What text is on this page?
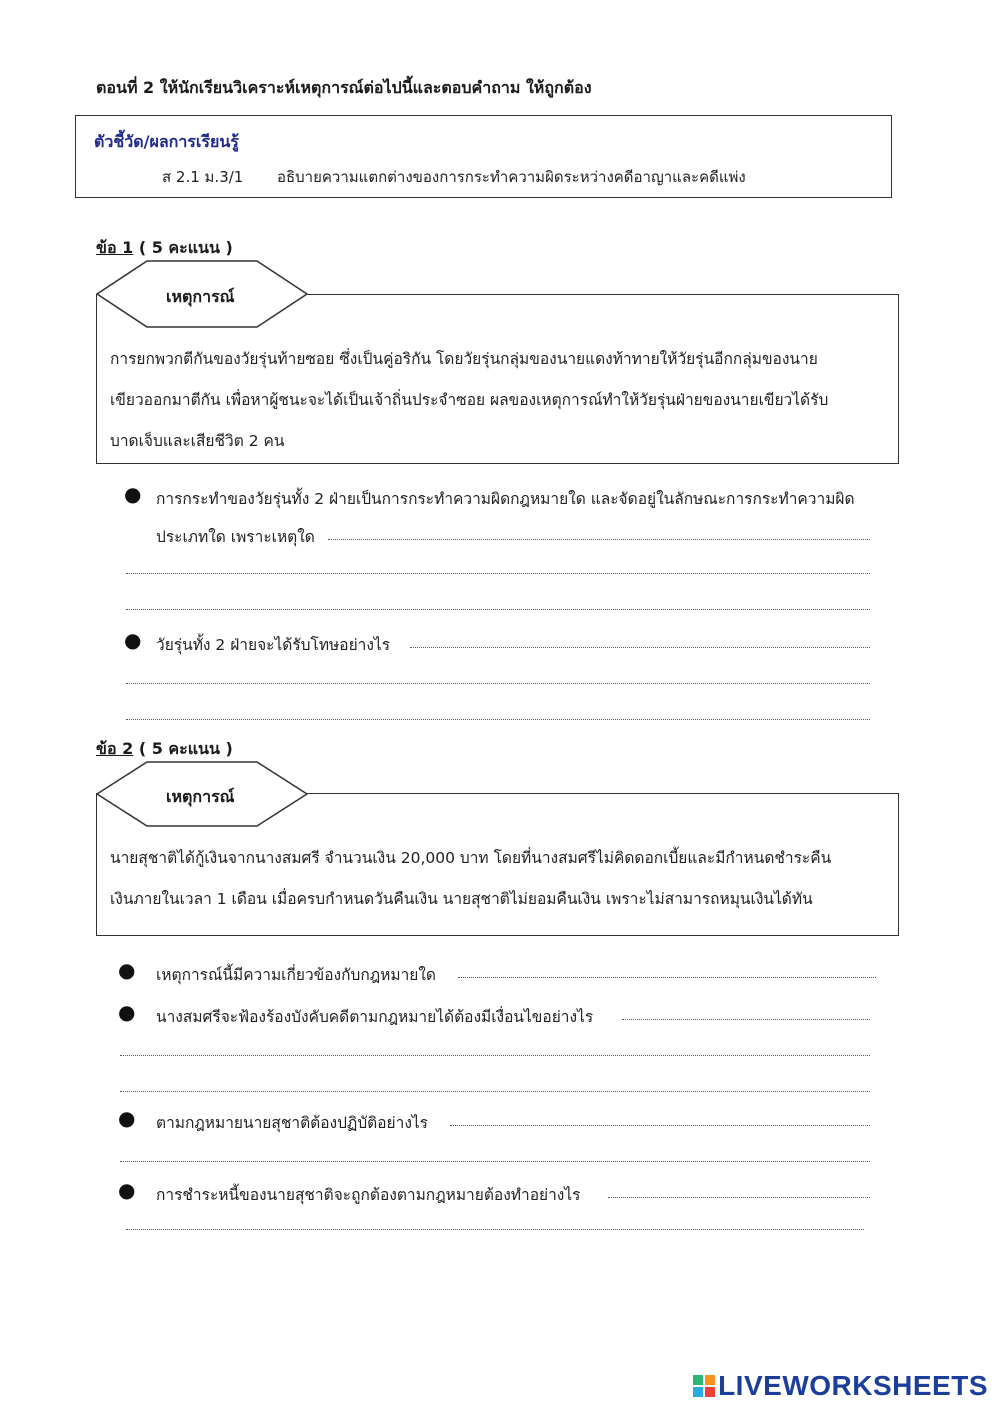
ตอนที่ 2 ให้นักเรียนวิเคราะห์เหตุการณ์ต่อไปนี้และตอบคำถาม ให้ถูกต้อง
ตัวชี้วัด/ผลการเรียนรู้
ส 2.1 ม.3/1 อธิบายความแตกต่างของการกระทำความผิดระหว่างคดีอาญาและคดีแพ่ง
ข้อ 1 ( 5 คะแนน )
เหตุการณ์
การยกพวกตีกันของวัยรุ่นท้ายซอย ซึ่งเป็นคู่อริกัน โดยวัยรุ่นกลุ่มของนายแดงท้าทายให้วัยรุ่นอีกกลุ่มของนาย
เขียวออกมาตีกัน เพื่อหาผู้ชนะจะได้เป็นเจ้าถิ่นประจำซอย ผลของเหตุการณ์ทำให้วัยรุ่นฝ่ายของนายเขียวได้รับ
บาดเจ็บและเสียชีวิต 2 คน
● การกระทำของวัยรุ่นทั้ง 2 ฝ่ายเป็นการกระทำความผิดกฎหมายใด และจัดอยู่ในลักษณะการกระทำความผิด
ประเภทใด เพราะเหตุใด
● วัยรุ่นทั้ง 2 ฝ่ายจะได้รับโทษอย่างไร
ข้อ 2 ( 5 คะแนน )
เหตุการณ์
นายสุชาติได้กู้เงินจากนางสมศรี จำนวนเงิน 20,000 บาท โดยที่นางสมศรีไม่คิดดอกเบี้ยและมีกำหนดชำระคืน
เงินภายในเวลา 1 เดือน เมื่อครบกำหนดวันคืนเงิน นายสุชาติไม่ยอมคืนเงิน เพราะไม่สามารถหมุนเงินได้ทัน
● เหตุการณ์นี้มีความเกี่ยวข้องกับกฎหมายใด
● นางสมศรีจะฟ้องร้องบังคับคดีตามกฎหมายได้ต้องมีเงื่อนไขอย่างไร
● ตามกฎหมายนายสุชาติต้องปฏิบัติอย่างไร
● การชำระหนี้ของนายสุชาติจะถูกต้องตามกฎหมายต้องทำอย่างไร
LIVEWORKSHEETS
